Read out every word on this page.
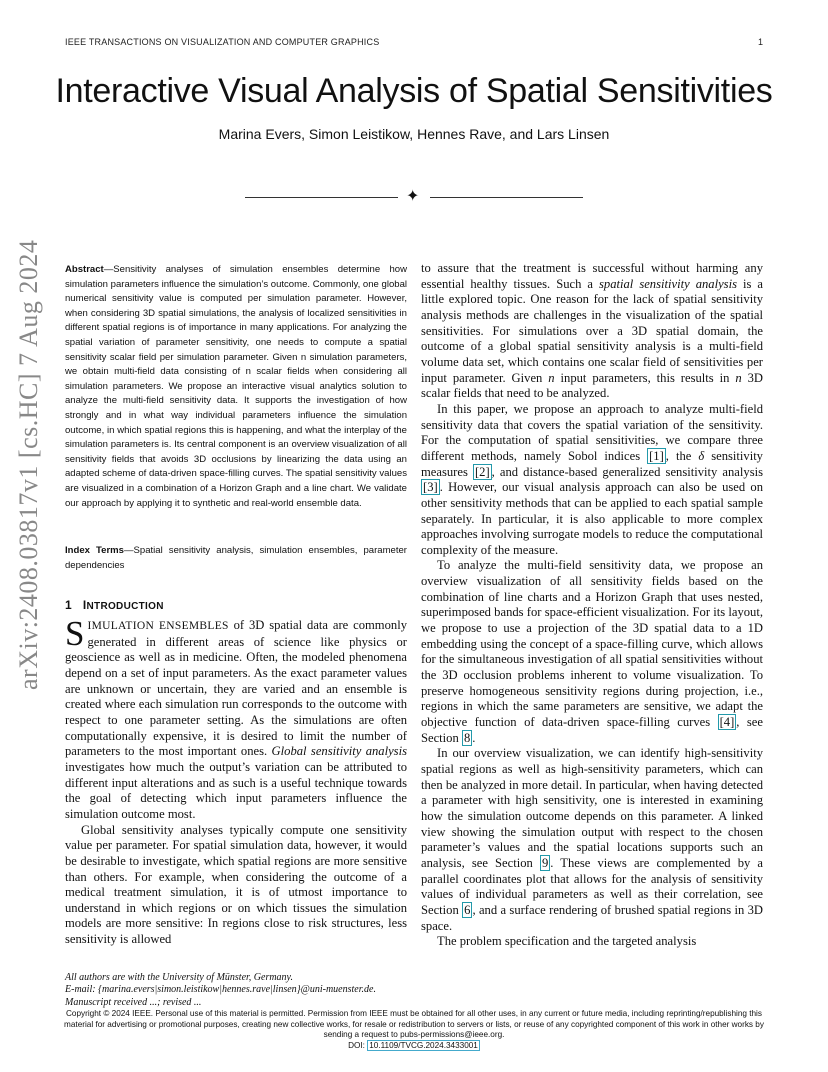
IEEE TRANSACTIONS ON VISUALIZATION AND COMPUTER GRAPHICS	1
Interactive Visual Analysis of Spatial Sensitivities
Marina Evers, Simon Leistikow, Hennes Rave, and Lars Linsen
✦
arXiv:2408.03817v1 [cs.HC] 7 Aug 2024	Abstract—Sensitivity analyses of simulation ensembles determine how simulation parameters influence the simulation’s outcome. Commonly, one global numerical sensitivity value is computed per simulation parameter. However, when considering 3D spatial simulations, the analysis of localized sensitivities in different spatial regions is of importance in many applications. For analyzing the spatial variation of parameter sensitivity, one needs to compute a spatial sensitivity scalar field per simulation parameter. Given n simulation parameters, we obtain multi-field data consisting of n scalar fields when considering all simulation parameters. We propose an interactive visual analytics solution to analyze the multi-field sensitivity data. It supports the investigation of how strongly and in what way individual parameters influence the simulation outcome, in which spatial regions this is happening, and what the interplay of the simulation parameters is. Its central component is an overview visualization of all sensitivity fields that avoids 3D occlusions by linearizing the data using an adapted scheme of data-driven space-filling curves. The spatial sensitivity values are visualized in a combination of a Horizon Graph and a line chart. We validate our approach by applying it to synthetic and real-world ensemble data.
Index Terms—Spatial sensitivity analysis, simulation ensembles, parameter dependencies
1 INTRODUCTION

SIMULATION ENSEMBLES of 3D spatial data are commonly generated in different areas of science like physics or geoscience as well as in medicine. Often, the modeled phenomena depend on a set of input parameters. As the exact parameter values are unknown or uncertain, they are varied and an ensemble is created where each simulation run corresponds to the outcome with respect to one parameter setting. As the simulations are often computationally expensive, it is desired to limit the number of parameters to the most important ones. Global sensitivity analysis investigates how much the output’s variation can be attributed to different input alterations and as such is a useful technique towards the goal of detecting which input parameters influence the simulation outcome most.

Global sensitivity analyses typically compute one sensitivity value per parameter. For spatial simulation data, however, it would be desirable to investigate, which spatial regions are more sensitive than others. For example, when considering the outcome of a medical treatment simulation, it is of utmost importance to understand in which regions or on which tissues the simulation models are more sensitive: In regions close to risk structures, less sensitivity is allowed

to assure that the treatment is successful without harming any essential healthy tissues. Such a spatial sensitivity analysis is a little explored topic. One reason for the lack of spatial sensitivity analysis methods are challenges in the visualization of the spatial sensitivities. For simulations over a 3D spatial domain, the outcome of a global spatial sensitivity analysis is a multi-field volume data set, which contains one scalar field of sensitivities per input parameter. Given n input parameters, this results in n 3D scalar fields that need to be analyzed.

In this paper, we propose an approach to analyze multi-field sensitivity data that covers the spatial variation of the sensitivity. For the computation of spatial sensitivities, we compare three different methods, namely Sobol indices [1] , the δ sensitivity measures [2] , and distance-based generalized sensitivity analysis [3] . However, our visual analysis approach can also be used on other sensitivity methods that can be applied to each spatial sample separately. In particular, it is also applicable to more complex approaches involving surrogate models to reduce the computational complexity of the measure.

To analyze the multi-field sensitivity data, we propose an overview visualization of all sensitivity fields based on the combination of line charts and a Horizon Graph that uses nested, superimposed bands for space-efficient visualization. For its layout, we propose to use a projection of the 3D spatial data to a 1D embedding using the concept of a space-filling curve, which allows for the simultaneous investigation of all spatial sensitivities without the 3D occlusion problems inherent to volume visualization. To preserve homogeneous sensitivity regions during projection, i.e., regions in which the same parameters are sensitive, we adapt the objective function of data-driven space-filling curves [4] , see Section 8 .

In our overview visualization, we can identify high-sensitivity spatial regions as well as high-sensitivity parameters, which can then be analyzed in more detail. In particular, when having detected a parameter with high sensitivity, one is interested in examining how the simulation outcome depends on this parameter. A linked view showing the simulation output with respect to the chosen parameter’s values and the spatial locations supports such an analysis, see Section 9 . These views are complemented by a parallel coordinates plot that allows for the analysis of sensitivity values of individual parameters as well as their correlation, see Section 6 , and a surface rendering of brushed spatial regions in 3D space.

The problem specification and the targeted analysis

All authors are with the University of Münster, Germany.
E-mail: {marina.evers|simon.leistikow|hennes.rave|linsen}@uni-muenster.de.
Manuscript received ...; revised ...
Copyright © 2024 IEEE. Personal use of this material is permitted. Permission from IEEE must be obtained for all other uses, in any current or future media, including reprinting/republishing this material for advertising or promotional purposes, creating new collective works, for resale or redistribution to servers or lists, or reuse of any copyrighted component of this work in other works by sending a request to pubs-permissions@ieee.org.
DOI: 10.1109/TVCG.2024.3433001
